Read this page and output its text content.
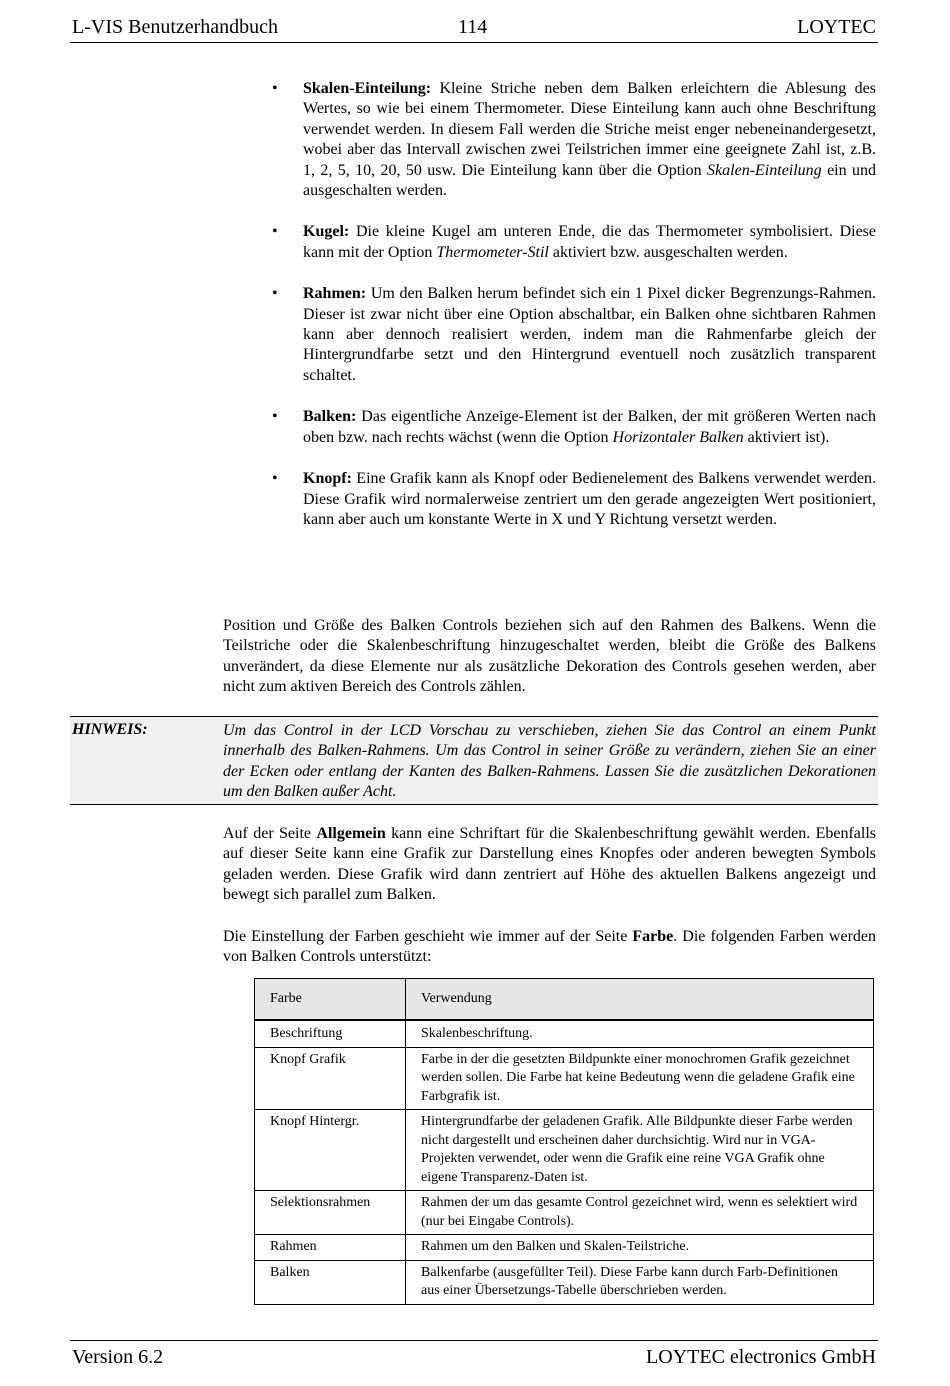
L-VIS Benutzerhandbuch	114	LOYTEC
• Skalen-Einteilung: Kleine Striche neben dem Balken erleichtern die Ablesung des Wertes, so wie bei einem Thermometer. Diese Einteilung kann auch ohne Beschriftung verwendet werden. In diesem Fall werden die Striche meist enger nebeneinandergesetzt, wobei aber das Intervall zwischen zwei Teilstrichen immer eine geeignete Zahl ist, z.B. 1, 2, 5, 10, 20, 50 usw. Die Einteilung kann über die Option Skalen-Einteilung ein und ausgeschalten werden.
• Kugel: Die kleine Kugel am unteren Ende, die das Thermometer symbolisiert. Diese kann mit der Option Thermometer-Stil aktiviert bzw. ausgeschalten werden.
• Rahmen: Um den Balken herum befindet sich ein 1 Pixel dicker Begrenzungs-Rahmen. Dieser ist zwar nicht über eine Option abschaltbar, ein Balken ohne sichtbaren Rahmen kann aber dennoch realisiert werden, indem man die Rahmenfarbe gleich der Hintergrundfarbe setzt und den Hintergrund eventuell noch zusätzlich transparent schaltet.
• Balken: Das eigentliche Anzeige-Element ist der Balken, der mit größeren Werten nach oben bzw. nach rechts wächst (wenn die Option Horizontaler Balken aktiviert ist).
• Knopf: Eine Grafik kann als Knopf oder Bedienelement des Balkens verwendet werden. Diese Grafik wird normalerweise zentriert um den gerade angezeigten Wert positioniert, kann aber auch um konstante Werte in X und Y Richtung versetzt werden.

Position und Größe des Balken Controls beziehen sich auf den Rahmen des Balkens. Wenn die Teilstriche oder die Skalenbeschriftung hinzugeschaltet werden, bleibt die Größe des Balkens unverändert, da diese Elemente nur als zusätzliche Dekoration des Controls gesehen werden, aber nicht zum aktiven Bereich des Controls zählen.

HINWEIS:	Um das Control in der LCD Vorschau zu verschieben, ziehen Sie das Control an einem Punkt innerhalb des Balken-Rahmens. Um das Control in seiner Größe zu verändern, ziehen Sie an einer der Ecken oder entlang der Kanten des Balken-Rahmens. Lassen Sie die zusätzlichen Dekorationen um den Balken außer Acht.

Auf der Seite Allgemein kann eine Schriftart für die Skalenbeschriftung gewählt werden. Ebenfalls auf dieser Seite kann eine Grafik zur Darstellung eines Knopfes oder anderen bewegten Symbols geladen werden. Diese Grafik wird dann zentriert auf Höhe des aktuellen Balkens angezeigt und bewegt sich parallel zum Balken.

Die Einstellung der Farben geschieht wie immer auf der Seite Farbe. Die folgenden Farben werden von Balken Controls unterstützt:

Farbe	Verwendung
Beschriftung	Skalenbeschriftung.
Knopf Grafik	Farbe in der die gesetzten Bildpunkte einer monochromen Grafik gezeichnet werden sollen. Die Farbe hat keine Bedeutung wenn die geladene Grafik eine Farbgrafik ist.
Knopf Hintergr.	Hintergrundfarbe der geladenen Grafik. Alle Bildpunkte dieser Farbe werden nicht dargestellt und erscheinen daher durchsichtig. Wird nur in VGA-Projekten verwendet, oder wenn die Grafik eine reine VGA Grafik ohne eigene Transparenz-Daten ist.
Selektionsrahmen	Rahmen der um das gesamte Control gezeichnet wird, wenn es selektiert wird (nur bei Eingabe Controls).
Rahmen	Rahmen um den Balken und Skalen-Teilstriche.
Balken	Balkenfarbe (ausgefüllter Teil). Diese Farbe kann durch Farb-Definitionen aus einer Übersetzungs-Tabelle überschrieben werden.
Version 6.2	LOYTEC electronics GmbH
